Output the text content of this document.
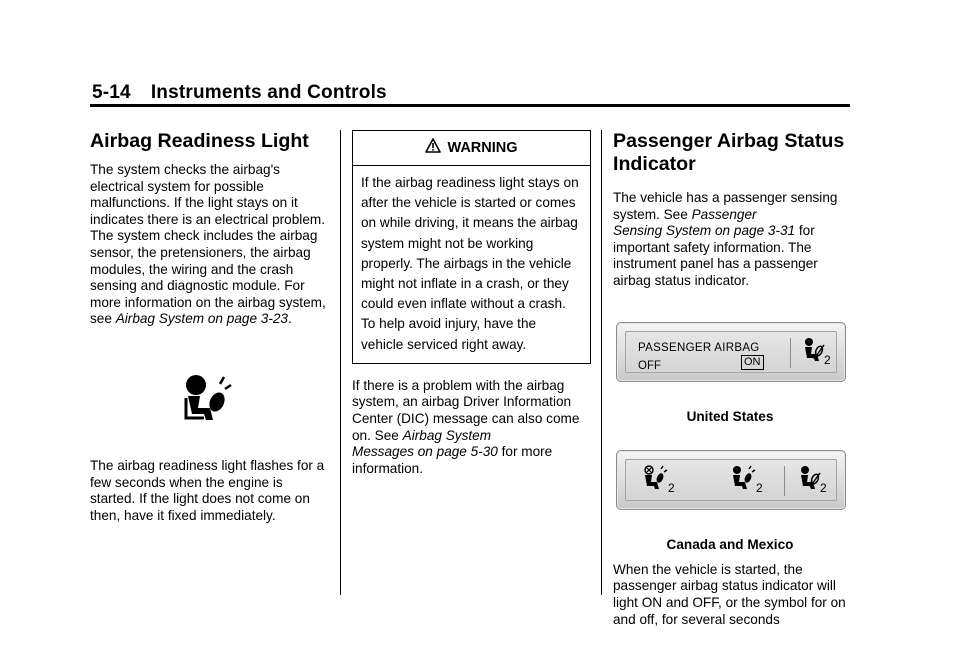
5-14 Instruments and Controls
Airbag Readiness Light

The system checks the airbag's electrical system for possible malfunctions. If the light stays on it indicates there is an electrical problem. The system check includes the airbag sensor, the pretensioners, the airbag modules, the wiring and the crash sensing and diagnostic module. For more information on the airbag system, see Airbag System on page 3-23.

The airbag readiness light flashes for a few seconds when the engine is started. If the light does not come on then, have it fixed immediately.

WARNING
If the airbag readiness light stays on after the vehicle is started or comes on while driving, it means the airbag system might not be working properly. The airbags in the vehicle might not inflate in a crash, or they could even inflate without a crash. To help avoid injury, have the vehicle serviced right away.

If there is a problem with the airbag system, an airbag Driver Information Center (DIC) message can also come on. See Airbag System
Messages on page 5-30 for more information.

Passenger Airbag Status Indicator

The vehicle has a passenger sensing system. See Passenger
Sensing System on page 3-31 for important safety information. The instrument panel has a passenger airbag status indicator.

PASSENGER AIRBAG
OFF	ON	2
United States
2	2	2
Canada and Mexico

When the vehicle is started, the passenger airbag status indicator will light ON and OFF, or the symbol for on and off, for several seconds
